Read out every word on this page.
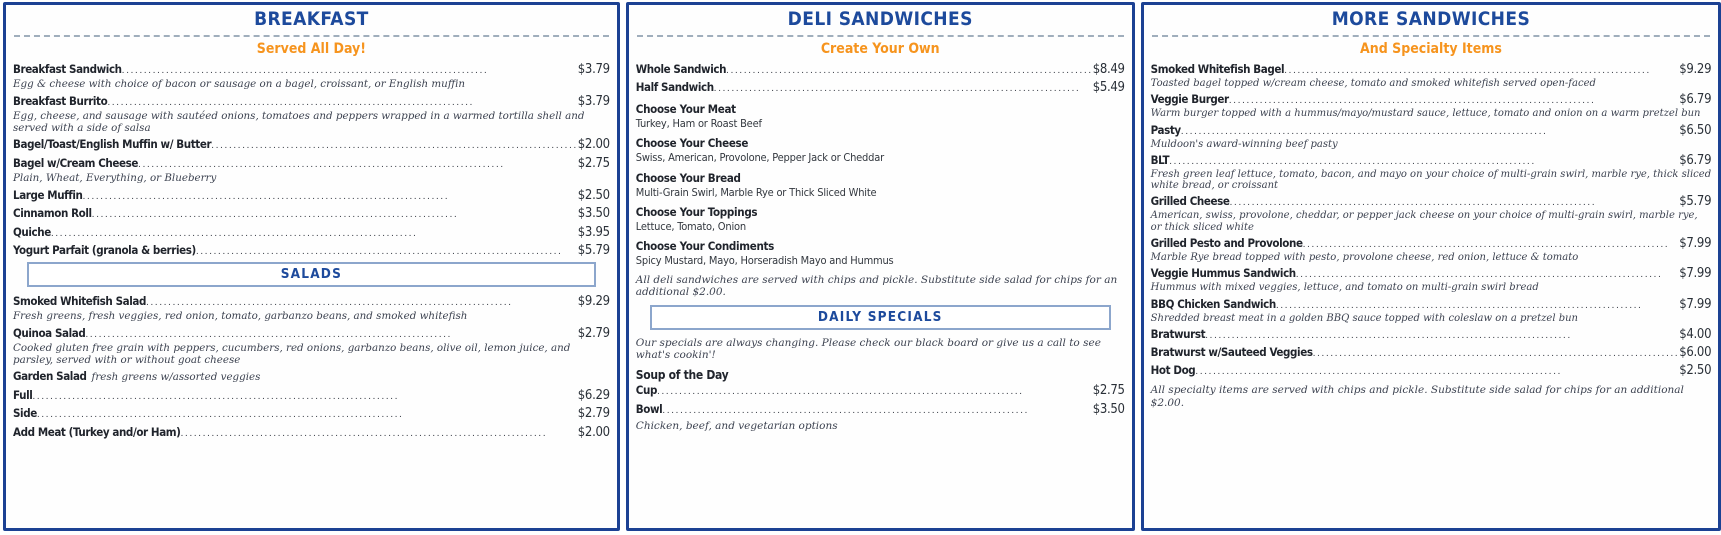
BREAKFAST
Served All Day!
Breakfast Sandwich .....	$3.79
Egg & cheese with choice of bacon or sausage on a bagel, croissant, or English muffin
Breakfast Burrito .....	$3.79
Egg, cheese, and sausage with sautéed onions, tomatoes and peppers wrapped in a warmed tortilla shell and served with a side of salsa
Bagel/Toast/English Muffin w/ Butter .....	$2.00
Bagel w/Cream Cheese .....	$2.75
Plain, Wheat, Everything, or Blueberry
Large Muffin .....	$2.50
Cinnamon Roll .....	$3.50
Quiche .....	$3.95
Yogurt Parfait (granola & berries) .....	$5.79
SALADS
Smoked Whitefish Salad .....	$9.29
Fresh greens, fresh veggies, red onion, tomato, garbanzo beans, and smoked whitefish
Quinoa Salad .....	$2.79
Cooked gluten free grain with peppers, cucumbers, red onions, garbanzo beans, olive oil, lemon juice, and parsley, served with or without goat cheese
Garden Salad fresh greens w/assorted veggies
Full .....	$6.29
Side .....	$2.79
Add Meat (Turkey and/or Ham) .....	$2.00
DELI SANDWICHES
Create Your Own
Whole Sandwich .....	$8.49
Half Sandwich .....	$5.49
Choose Your Meat
Turkey, Ham or Roast Beef
Choose Your Cheese
Swiss, American, Provolone, Pepper Jack or Cheddar
Choose Your Bread
Multi-Grain Swirl, Marble Rye or Thick Sliced White
Choose Your Toppings
Lettuce, Tomato, Onion
Choose Your Condiments
Spicy Mustard, Mayo, Horseradish Mayo and Hummus

All deli sandwiches are served with chips and pickle. Substitute side salad for chips for an additional $2.00.

DAILY SPECIALS

Our specials are always changing. Please check our black board or give us a call to see what's cookin'!

Soup of the Day
Cup .....	$2.75
Bowl .....	$3.50

Chicken, beef, and vegetarian options

MORE SANDWICHES
And Specialty Items
Smoked Whitefish Bagel .....	$9.29
Toasted bagel topped w/cream cheese, tomato and smoked whitefish served open-faced
Veggie Burger .....	$6.79
Warm burger topped with a hummus/mayo/mustard sauce, lettuce, tomato and onion on a warm pretzel bun
Pasty .....	$6.50
Muldoon's award-winning beef pasty
BLT .....	$6.79
Fresh green leaf lettuce, tomato, bacon, and mayo on your choice of multi-grain swirl, marble rye, thick sliced white bread, or croissant
Grilled Cheese .....	$5.79
American, swiss, provolone, cheddar, or pepper jack cheese on your choice of multi-grain swirl, marble rye, or thick sliced white
Grilled Pesto and Provolone .....	$7.99
Marble Rye bread topped with pesto, provolone cheese, red onion, lettuce & tomato
Veggie Hummus Sandwich .....	$7.99
Hummus with mixed veggies, lettuce, and tomato on multi-grain swirl bread
BBQ Chicken Sandwich .....	$7.99
Shredded breast meat in a golden BBQ sauce topped with coleslaw on a pretzel bun
Bratwurst .....	$4.00
Bratwurst w/Sauteed Veggies .....	$6.00
Hot Dog .....	$2.50

All specialty items are served with chips and pickle. Substitute side salad for chips for an additional $2.00.
